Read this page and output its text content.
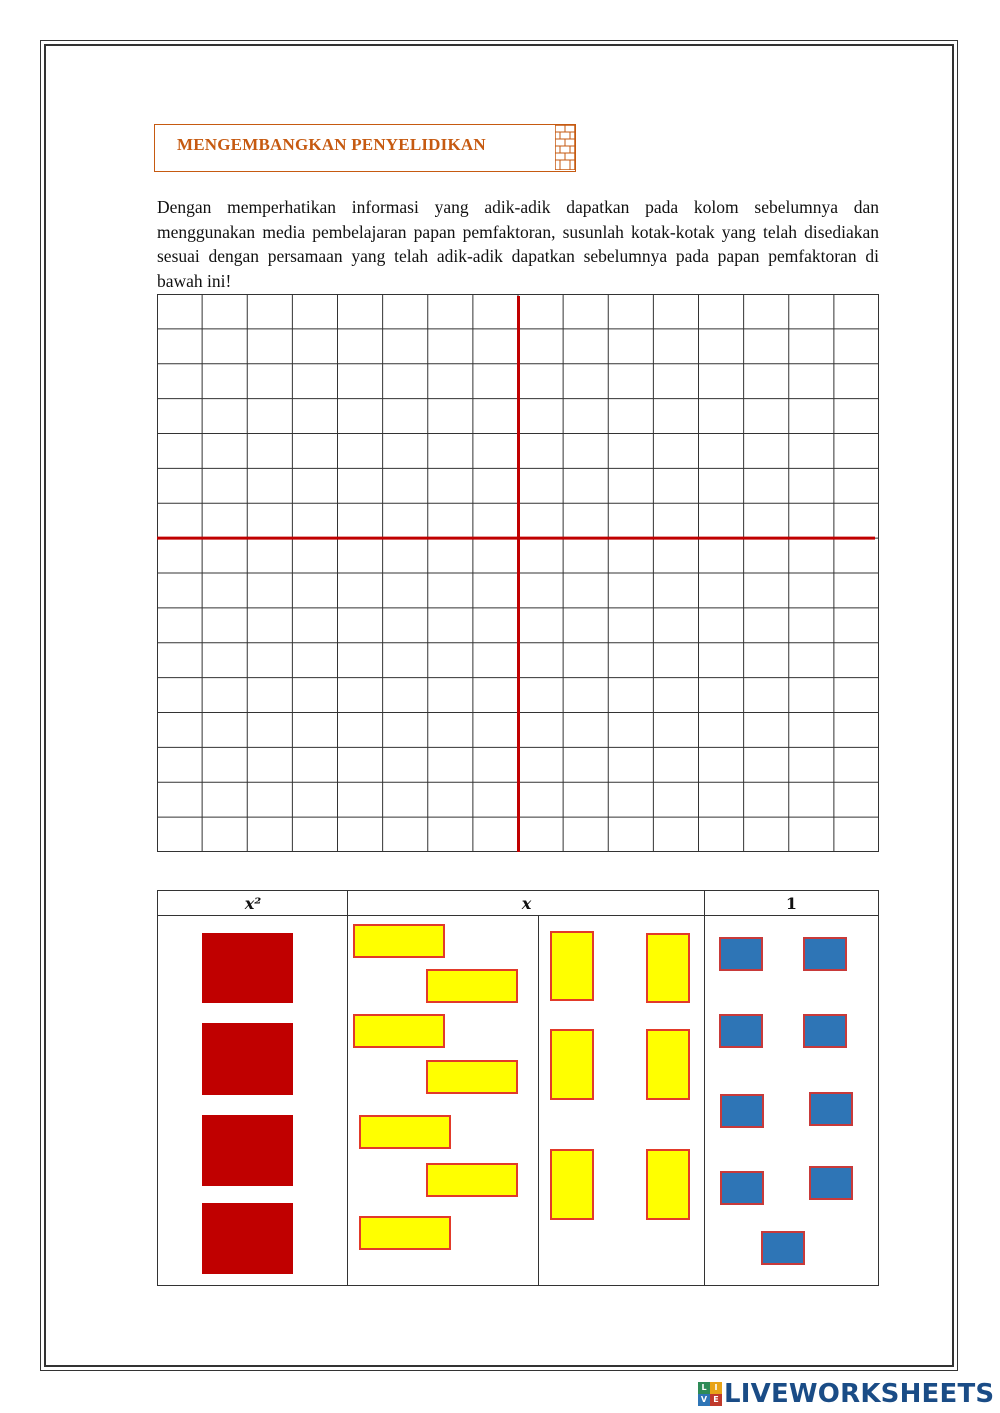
MENGEMBANGKAN PENYELIDIKAN

Dengan memperhatikan informasi yang adik-adik dapatkan pada kolom sebelumnya dan menggunakan media pembelajaran papan pemfaktoran, susunlah kotak-kotak yang telah disediakan sesuai dengan persamaan yang telah adik-adik dapatkan sebelumnya pada papan pemfaktoran di bawah ini!

x²	x	1
L I
V E LIVEWORKSHEETS
